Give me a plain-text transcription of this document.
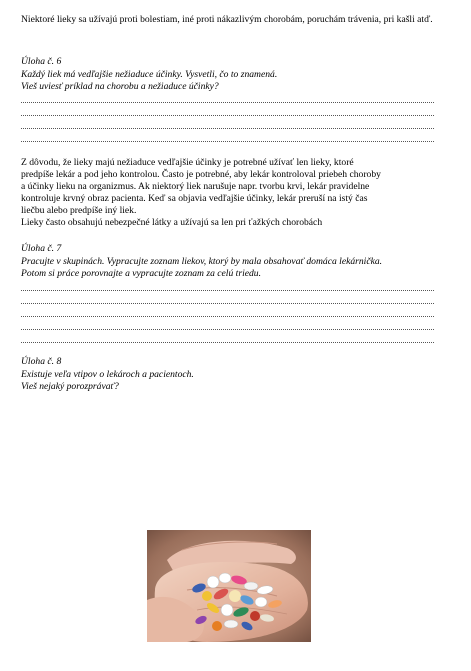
Niektoré lieky sa užívajú proti bolestiam, iné proti nákazlivým chorobám, poruchám trávenia, pri kašli atď.

Úloha č. 6

Každý liek má vedľajšie nežiaduce účinky. Vysvetli, čo to znamená.

Vieš uviesť príklad na chorobu a nežiaduce účinky?

Z dôvodu, že lieky majú nežiaduce vedľajšie účinky je potrebné užívať len lieky, ktoré

predpíše lekár a pod jeho kontrolou. Často je potrebné, aby lekár kontroloval priebeh choroby

a účinky lieku na organizmus. Ak niektorý liek narušuje napr. tvorbu krvi, lekár pravidelne

kontroluje krvný obraz pacienta. Keď sa objavia vedľajšie účinky, lekár preruší na istý čas

liečbu alebo predpíše iný liek.

Lieky často obsahujú nebezpečné látky a užívajú sa len pri ťažkých chorobách

Úloha č. 7

Pracujte v skupinách. Vypracujte zoznam liekov, ktorý by mala obsahovať domáca lekárnička.

Potom si práce porovnajte a vypracujte zoznam za celú triedu.

Úloha č. 8

Existuje veľa vtipov o lekároch a pacientoch.

Vieš nejaký porozprávať?
